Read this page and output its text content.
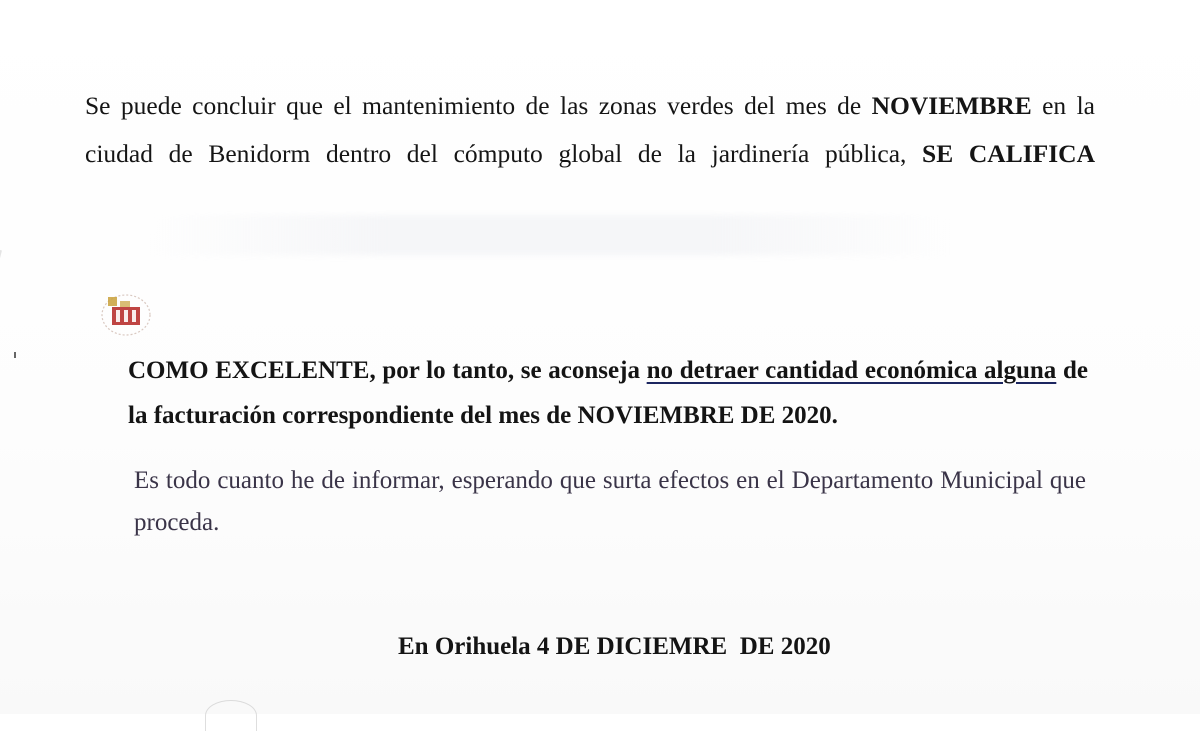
Se puede concluir que el mantenimiento de las zonas verdes del mes de NOVIEMBRE en la
ciudad de Benidorm dentro del cómputo global de la jardinería pública, SE CALIFICA
COMO EXCELENTE, por lo tanto, se aconseja no detraer cantidad económica alguna de
la facturación correspondiente del mes de NOVIEMBRE DE 2020.
Es todo cuanto he de informar, esperando que surta efectos en el Departamento Municipal que
proceda.
En Orihuela 4 DE DICIEMRE  DE 2020
